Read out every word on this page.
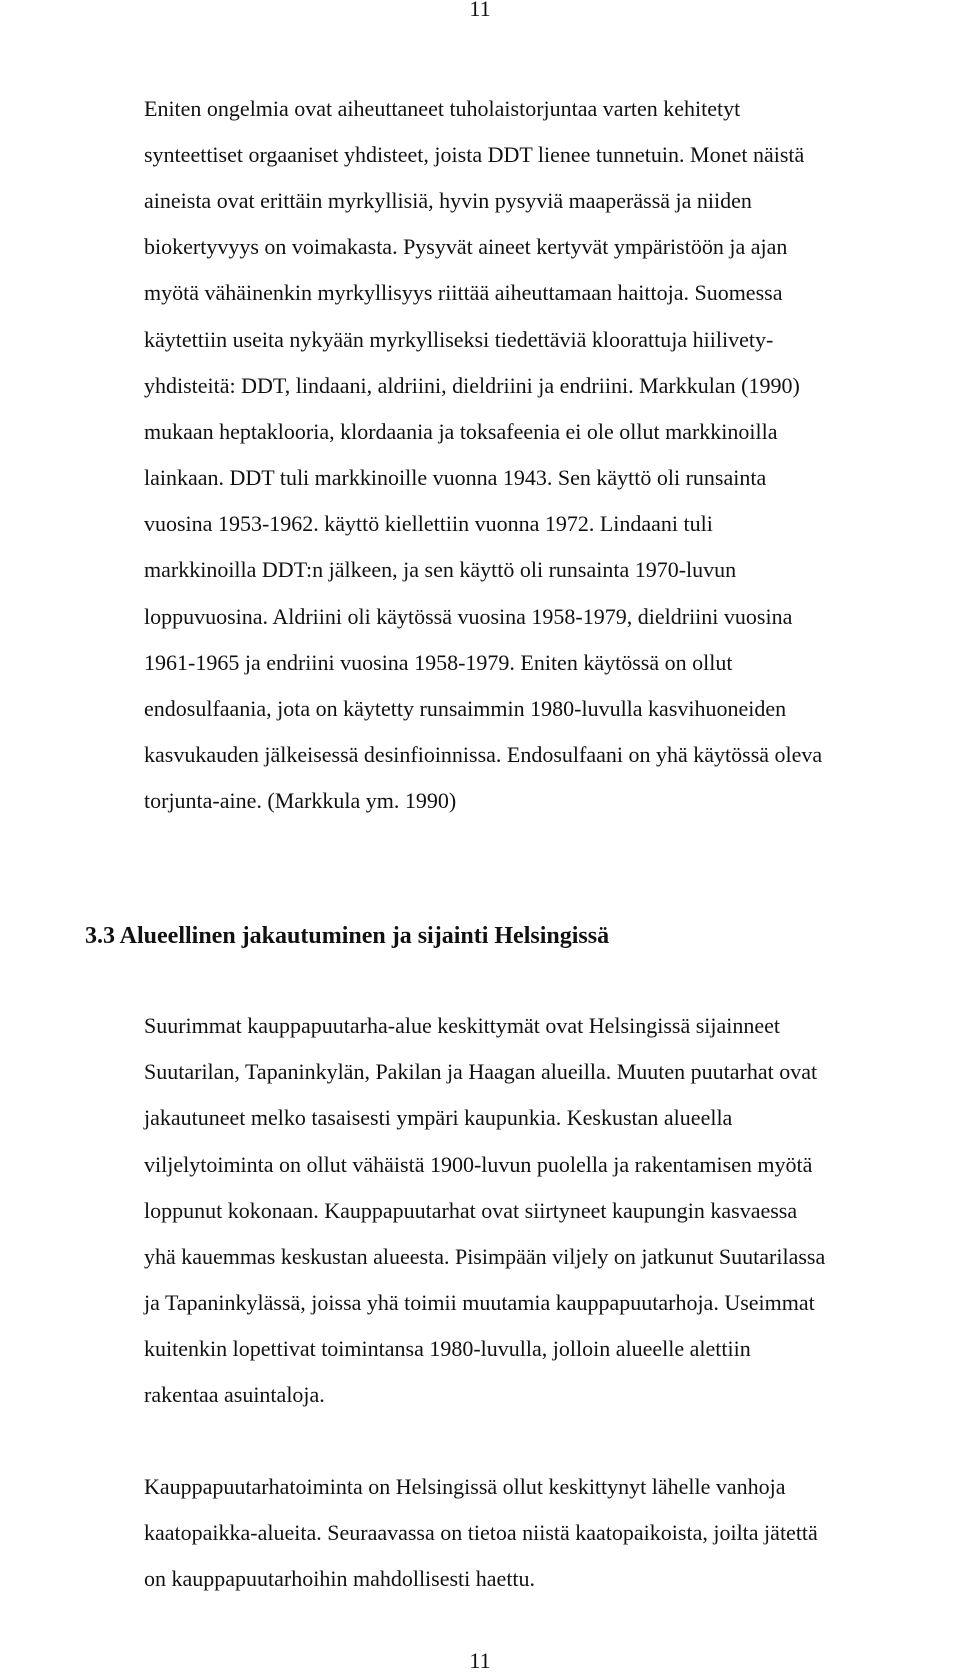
11
Eniten ongelmia ovat aiheuttaneet tuholaistorjuntaa varten kehitetyt
synteettiset orgaaniset yhdisteet, joista DDT lienee tunnetuin. Monet näistä
aineista ovat erittäin myrkyllisiä, hyvin pysyviä maaperässä ja niiden
biokertyvyys on voimakasta. Pysyvät aineet kertyvät ympäristöön ja ajan
myötä vähäinenkin myrkyllisyys riittää aiheuttamaan haittoja. Suomessa
käytettiin useita nykyään myrkylliseksi tiedettäviä kloorattuja hiilivety-
yhdisteitä: DDT, lindaani, aldriini, dieldriini ja endriini. Markkulan (1990)
mukaan heptaklooria, klordaania ja toksafeenia ei ole ollut markkinoilla
lainkaan. DDT tuli markkinoille vuonna 1943. Sen käyttö oli runsainta
vuosina 1953-1962. käyttö kiellettiin vuonna 1972. Lindaani tuli
markkinoilla DDT:n jälkeen, ja sen käyttö oli runsainta 1970-luvun
loppuvuosina. Aldriini oli käytössä vuosina 1958-1979, dieldriini vuosina
1961-1965 ja endriini vuosina 1958-1979. Eniten käytössä on ollut
endosulfaania, jota on käytetty runsaimmin 1980-luvulla kasvihuoneiden
kasvukauden jälkeisessä desinfioinnissa. Endosulfaani on yhä käytössä oleva
torjunta-aine. (Markkula ym. 1990)
3.3 Alueellinen jakautuminen ja sijainti Helsingissä
Suurimmat kauppapuutarha-alue keskittymät ovat Helsingissä sijainneet
Suutarilan, Tapaninkylän, Pakilan ja Haagan alueilla. Muuten puutarhat ovat
jakautuneet melko tasaisesti ympäri kaupunkia. Keskustan alueella
viljelytoiminta on ollut vähäistä 1900-luvun puolella ja rakentamisen myötä
loppunut kokonaan. Kauppapuutarhat ovat siirtyneet kaupungin kasvaessa
yhä kauemmas keskustan alueesta. Pisimpään viljely on jatkunut Suutarilassa
ja Tapaninkylässä, joissa yhä toimii muutamia kauppapuutarhoja. Useimmat
kuitenkin lopettivat toimintansa 1980-luvulla, jolloin alueelle alettiin
rakentaa asuintaloja.
Kauppapuutarhatoiminta on Helsingissä ollut keskittynyt lähelle vanhoja
kaatopaikka-alueita. Seuraavassa on tietoa niistä kaatopaikoista, joilta jätettä
on kauppapuutarhoihin mahdollisesti haettu.
11
